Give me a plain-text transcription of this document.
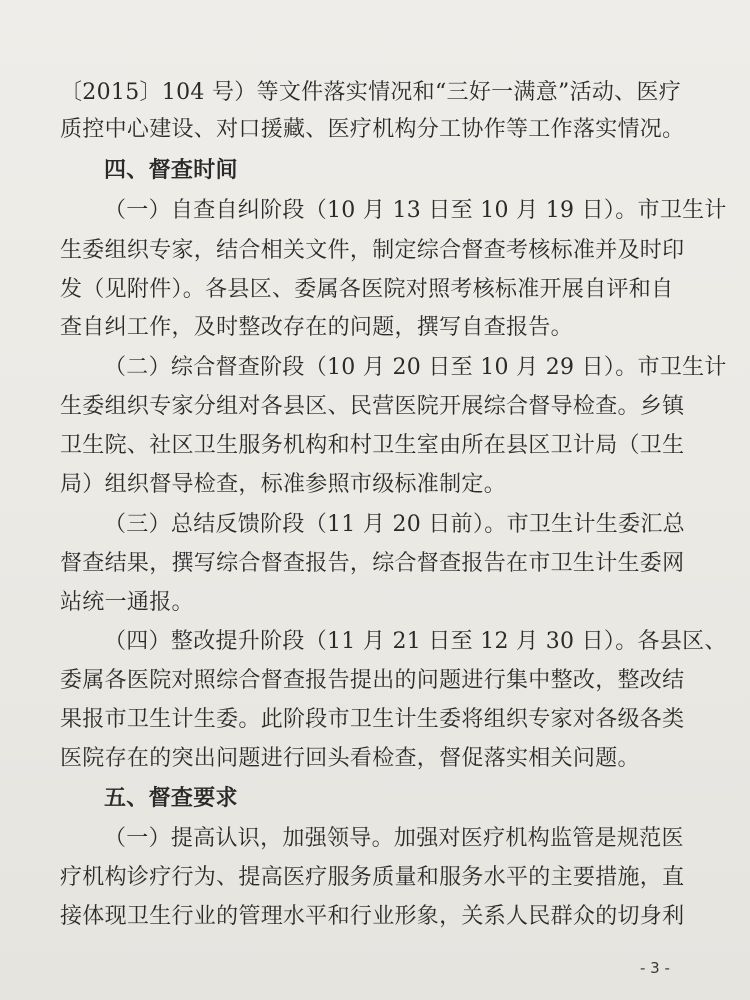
〔2015〕104 号）等文件落实情况和“三好一满意”活动、医疗
质控中心建设、对口援藏、医疗机构分工协作等工作落实情况。
四、督查时间
（一）自查自纠阶段（10 月 13 日至 10 月 19 日）。市卫生计
生委组织专家，结合相关文件，制定综合督查考核标准并及时印
发（见附件）。各县区、委属各医院对照考核标准开展自评和自
查自纠工作，及时整改存在的问题，撰写自查报告。
（二）综合督查阶段（10 月 20 日至 10 月 29 日）。市卫生计
生委组织专家分组对各县区、民营医院开展综合督导检查。乡镇
卫生院、社区卫生服务机构和村卫生室由所在县区卫计局（卫生
局）组织督导检查，标准参照市级标准制定。
（三）总结反馈阶段（11 月 20 日前）。市卫生计生委汇总
督查结果，撰写综合督查报告，综合督查报告在市卫生计生委网
站统一通报。
（四）整改提升阶段（11 月 21 日至 12 月 30 日）。各县区、
委属各医院对照综合督查报告提出的问题进行集中整改，整改结
果报市卫生计生委。此阶段市卫生计生委将组织专家对各级各类
医院存在的突出问题进行回头看检查，督促落实相关问题。
五、督查要求
（一）提高认识，加强领导。加强对医疗机构监管是规范医
疗机构诊疗行为、提高医疗服务质量和服务水平的主要措施，直
接体现卫生行业的管理水平和行业形象，关系人民群众的切身利
- 3 -
